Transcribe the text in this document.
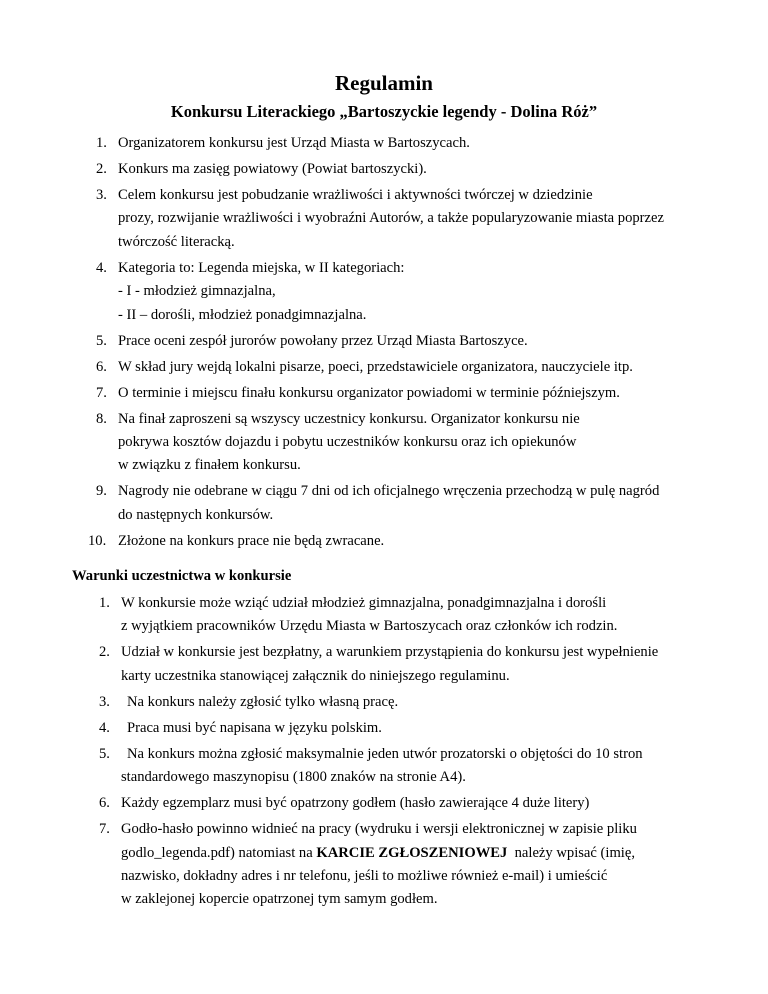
Regulamin
Konkursu Literackiego „Bartoszyckie legendy - Dolina Róż”
1. Organizatorem konkursu jest Urząd Miasta w Bartoszycach.
2. Konkurs ma zasięg powiatowy (Powiat bartoszycki).
3. Celem konkursu jest pobudzanie wrażliwości i aktywności twórczej w dziedzinie
prozy, rozwijanie wrażliwości i wyobraźni Autorów, a także popularyzowanie miasta poprzez
twórczość literacką.
4. Kategoria to: Legenda miejska, w II kategoriach:
- I - młodzież gimnazjalna,
- II – dorośli, młodzież ponadgimnazjalna.
5. Prace oceni zespół jurorów powołany przez Urząd Miasta Bartoszyce.
6. W skład jury wejdą lokalni pisarze, poeci, przedstawiciele organizatora, nauczyciele itp.
7. O terminie i miejscu finału konkursu organizator powiadomi w terminie późniejszym.
8. Na finał zaproszeni są wszyscy uczestnicy konkursu. Organizator konkursu nie
pokrywa kosztów dojazdu i pobytu uczestników konkursu oraz ich opiekunów
w związku z finałem konkursu.
9. Nagrody nie odebrane w ciągu 7 dni od ich oficjalnego wręczenia przechodzą w pulę nagród
do następnych konkursów.
10. Złożone na konkurs prace nie będą zwracane.
Warunki uczestnictwa w konkursie
1. W konkursie może wziąć udział młodzież gimnazjalna, ponadgimnazjalna i dorośli
z wyjątkiem pracowników Urzędu Miasta w Bartoszycach oraz członków ich rodzin.
2. Udział w konkursie jest bezpłatny, a warunkiem przystąpienia do konkursu jest wypełnienie
karty uczestnika stanowiącej załącznik do niniejszego regulaminu.
3.	Na konkurs należy zgłosić tylko własną pracę.
4.	Praca musi być napisana w języku polskim.
5.	Na konkurs można zgłosić maksymalnie jeden utwór prozatorski o objętości do 10 stron
standardowego maszynopisu (1800 znaków na stronie A4).
6. Każdy egzemplarz musi być opatrzony godłem (hasło zawierające 4 duże litery)
7. Godło-hasło powinno widnieć na pracy (wydruku i wersji elektronicznej w zapisie pliku
godlo_legenda.pdf) natomiast na KARCIE ZGŁOSZENIOWEJ  należy wpisać (imię,
nazwisko, dokładny adres i nr telefonu, jeśli to możliwe również e-mail) i umieścić
w zaklejonej kopercie opatrzonej tym samym godłem.
